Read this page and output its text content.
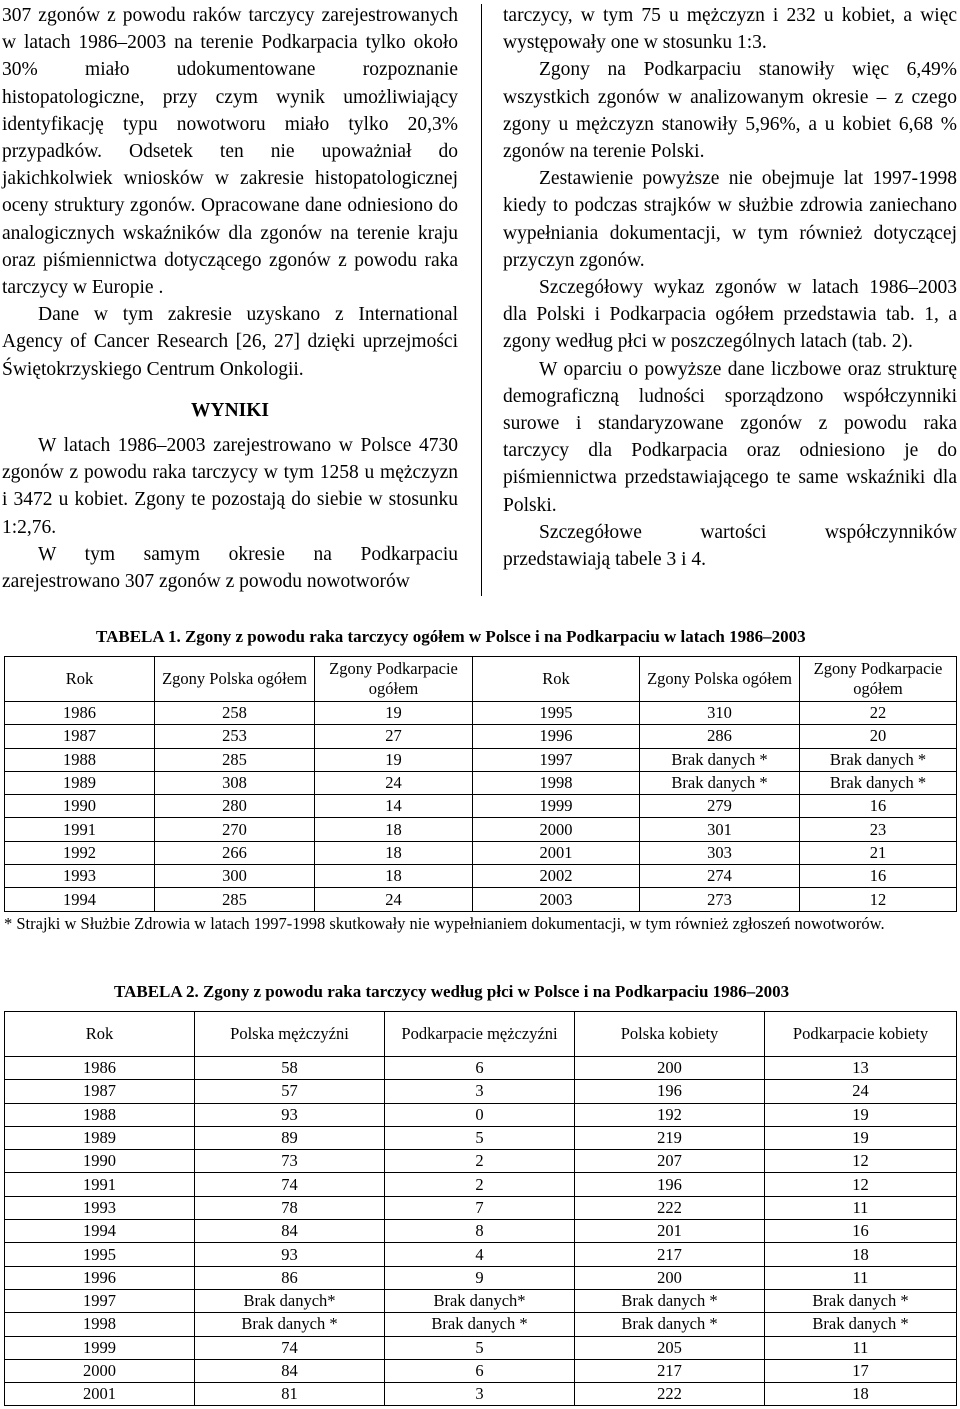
307 zgonów z powodu raków tarczycy zarejestrowanych w latach 1986–2003 na terenie Podkarpacia tylko około 30% miało udokumentowane rozpoznanie histopatologiczne, przy czym wynik umożliwiający identyfikację typu nowotworu miało tylko 20,3% przypadków. Odsetek ten nie upoważniał do jakichkolwiek wniosków w zakresie histopatologicznej oceny struktury zgonów. Opracowane dane odniesiono do analogicznych wskaźników dla zgonów na terenie kraju oraz piśmiennictwa dotyczącego zgonów z powodu raka tarczycy w Europie .

Dane w tym zakresie uzyskano z International Agency of Cancer Research [26, 27] dzięki uprzejmości Świętokrzyskiego Centrum Onkologii.

WYNIKI

W latach 1986–2003 zarejestrowano w Polsce 4730 zgonów z powodu raka tarczycy w tym 1258 u mężczyzn i 3472 u kobiet. Zgony te pozostają do siebie w stosunku 1:2,76.

W tym samym okresie na Podkarpaciu zarejestrowano 307 zgonów z powodu nowotworów

tarczycy, w tym 75 u mężczyzn i 232 u kobiet, a więc występowały one w stosunku 1:3.

Zgony na Podkarpaciu stanowiły więc 6,49% wszystkich zgonów w analizowanym okresie – z czego zgony u mężczyzn stanowiły 5,96%, a u kobiet 6,68 % zgonów na terenie Polski.

Zestawienie powyższe nie obejmuje lat 1997-1998 kiedy to podczas strajków w służbie zdrowia zaniechano wypełniania dokumentacji, w tym również dotyczącej przyczyn zgonów.

Szczegółowy wykaz zgonów w latach 1986–2003 dla Polski i Podkarpacia ogółem przedstawia tab. 1, a zgony według płci w poszczególnych latach (tab. 2).

W oparciu o powyższe dane liczbowe oraz strukturę demograficzną ludności sporządzono współczynniki surowe i standaryzowane zgonów z powodu raka tarczycy dla Podkarpacia oraz odniesiono je do piśmiennictwa przedstawiającego te same wskaźniki dla Polski.

Szczegółowe wartości współczynników przedstawiają tabele 3 i 4.

TABELA 1. Zgony z powodu raka tarczycy ogółem w Polsce i na Podkarpaciu w latach 1986–2003
Rok	Zgony Polska ogółem	Zgony Podkarpacie ogółem	Rok	Zgony Polska ogółem	Zgony Podkarpacie ogółem
1986	258	19	1995	310	22
1987	253	27	1996	286	20
1988	285	19	1997	Brak danych *	Brak danych *
1989	308	24	1998	Brak danych *	Brak danych *
1990	280	14	1999	279	16
1991	270	18	2000	301	23
1992	266	18	2001	303	21
1993	300	18	2002	274	16
1994	285	24	2003	273	12
* Strajki w Służbie Zdrowia w latach 1997-1998 skutkowały nie wypełnianiem dokumentacji, w tym również zgłoszeń nowotworów.
TABELA 2. Zgony z powodu raka tarczycy według płci w Polsce i na Podkarpaciu 1986–2003
Rok	Polska mężczyźni	Podkarpacie mężczyźni	Polska kobiety	Podkarpacie kobiety
1986	58	6	200	13
1987	57	3	196	24
1988	93	0	192	19
1989	89	5	219	19
1990	73	2	207	12
1991	74	2	196	12
1993	78	7	222	11
1994	84	8	201	16
1995	93	4	217	18
1996	86	9	200	11
1997	Brak danych*	Brak danych*	Brak danych *	Brak danych *
1998	Brak danych *	Brak danych *	Brak danych *	Brak danych *
1999	74	5	205	11
2000	84	6	217	17
2001	81	3	222	18
